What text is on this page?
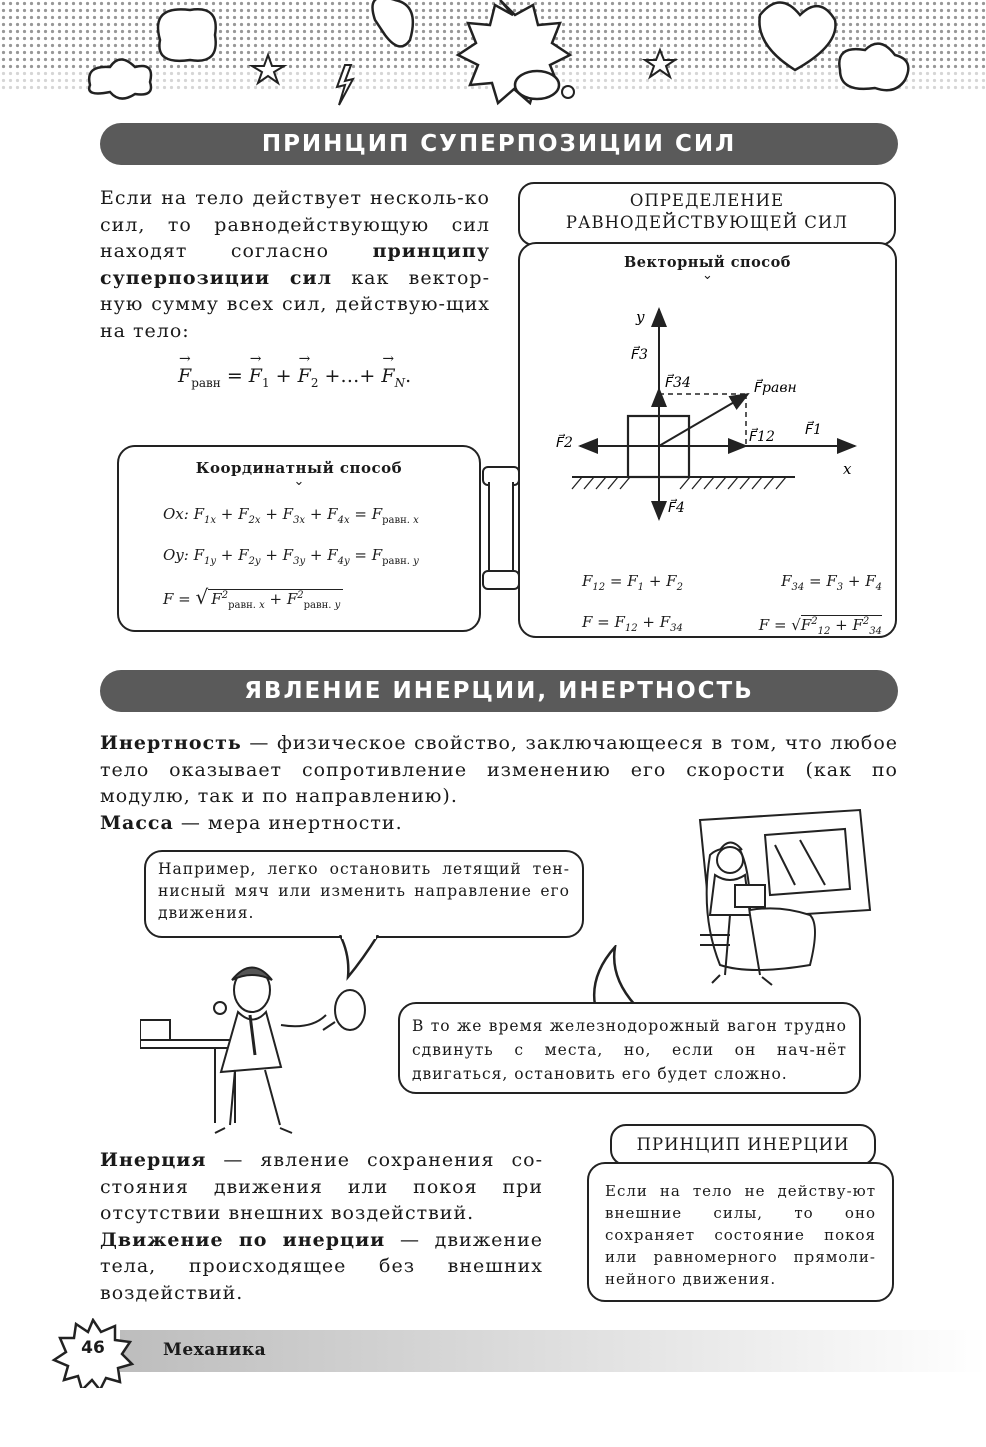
ПРИНЦИП СУПЕРПОЗИЦИИ СИЛ
Если на тело действует несколь-ко сил, то равнодействующую сил находят согласно принципу суперпозиции сил как вектор-ную сумму всех сил, действую-щих на тело:
F
→
$_{равн}$ = F
→
$_1$ + F
→
$_2$ +…+ F
→
$_N$.
Координатный способ
⌄
Ox: $F_{1x} + F_{2x} + F_{3x} + F_{4x} = F_{равн. x}$
Oy: $F_{1y} + F_{2y} + F_{3y} + F_{4y} = F_{равн. y}$
F = √ $F^2_{равн. x} + F^2_{равн. y}$
ОПРЕДЕЛЕНИЕ
РАВНОДЕЙСТВУЮЩЕЙ СИЛ
Векторный способ
⌄
y
x
F⃗3
F⃗34	F⃗равн
F⃗2	F⃗12 F⃗1
F⃗4
$F_{12} = F_1 + F_2$	$F_{34} = F_3 + F_4$
$F = F_{12} + F_{34}$	$F = √F^2_{12} + F^2_{34}$
ЯВЛЕНИЕ ИНЕРЦИИ, ИНЕРТНОСТЬ
Инертность — физическое свойство, заключающееся в том, что любое тело оказывает сопротивление изменению его скорости (как по модулю, так и по направлению).
Масса — мера инертности.
Например, легко остановить летящий тен-нисный мяч или изменить направление его движения.
В то же время железнодорожный вагон трудно сдвинуть с места, но, если он нач-нёт двигаться, остановить его будет сложно.
Инерция — явление сохранения со-стояния движения или покоя при отсутствии внешних воздействий.
Движение по инерции — движение тела, происходящее без внешних воздействий.
ПРИНЦИП ИНЕРЦИИ
Если на тело не действу-ют внешние силы, то оно сохраняет состояние покоя или равномерного прямоли-нейного движения.
46	Механика
